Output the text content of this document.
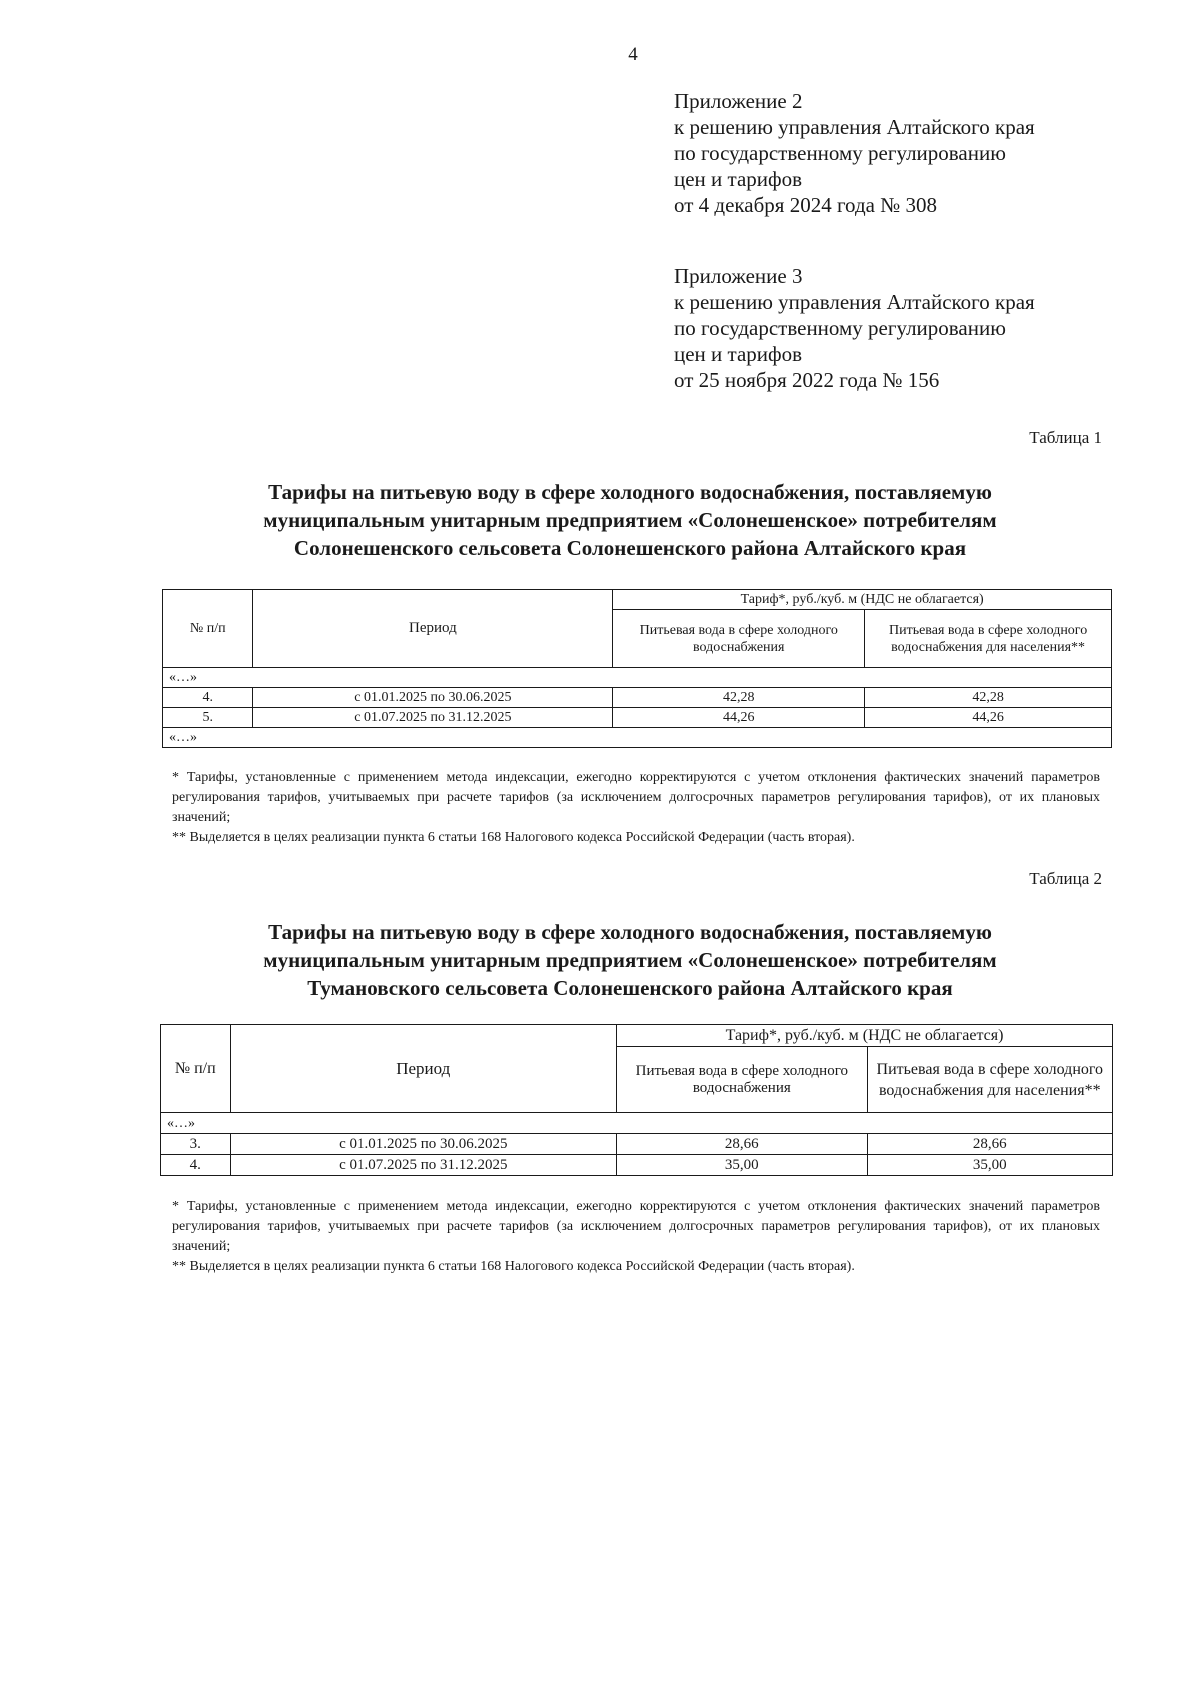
4
Приложение 2
к решению управления Алтайского края
по государственному регулированию
цен и тарифов
от 4 декабря 2024 года № 308
Приложение 3
к решению управления Алтайского края
по государственному регулированию
цен и тарифов
от 25 ноября 2022 года № 156
Таблица 1
Тарифы на питьевую воду в сфере холодного водоснабжения, поставляемую
муниципальным унитарным предприятием «Солонешенское» потребителям
Солонешенского сельсовета Солонешенского района Алтайского края
№ п/п	Период	Тариф*, руб./куб. м (НДС не облагается)	
		Питьевая вода в сфере холодного водоснабжения	Питьевая вода в сфере холодного водоснабжения для населения**
«…»			
4.	с 01.01.2025 по 30.06.2025	42,28	42,28
5.	с 01.07.2025 по 31.12.2025	44,26	44,26
«…»			

* Тарифы, установленные с применением метода индексации, ежегодно корректируются с учетом отклонения фактических значений параметров регулирования тарифов, учитываемых при расчете тарифов (за исключением долгосрочных параметров регулирования тарифов), от их плановых значений;

** Выделяется в целях реализации пункта 6 статьи 168 Налогового кодекса Российской Федерации (часть вторая).

Таблица 2
Тарифы на питьевую воду в сфере холодного водоснабжения, поставляемую
муниципальным унитарным предприятием «Солонешенское» потребителям
Тумановского сельсовета Солонешенского района Алтайского края
№ п/п	Период	Тариф*, руб./куб. м (НДС не облагается)	
		Питьевая вода в сфере холодного водоснабжения	Питьевая вода в сфере холодного водоснабжения для населения**
«…»			
3.	с 01.01.2025 по 30.06.2025	28,66	28,66
4.	с 01.07.2025 по 31.12.2025	35,00	35,00

* Тарифы, установленные с применением метода индексации, ежегодно корректируются с учетом отклонения фактических значений параметров регулирования тарифов, учитываемых при расчете тарифов (за исключением долгосрочных параметров регулирования тарифов), от их плановых значений;

** Выделяется в целях реализации пункта 6 статьи 168 Налогового кодекса Российской Федерации (часть вторая).
